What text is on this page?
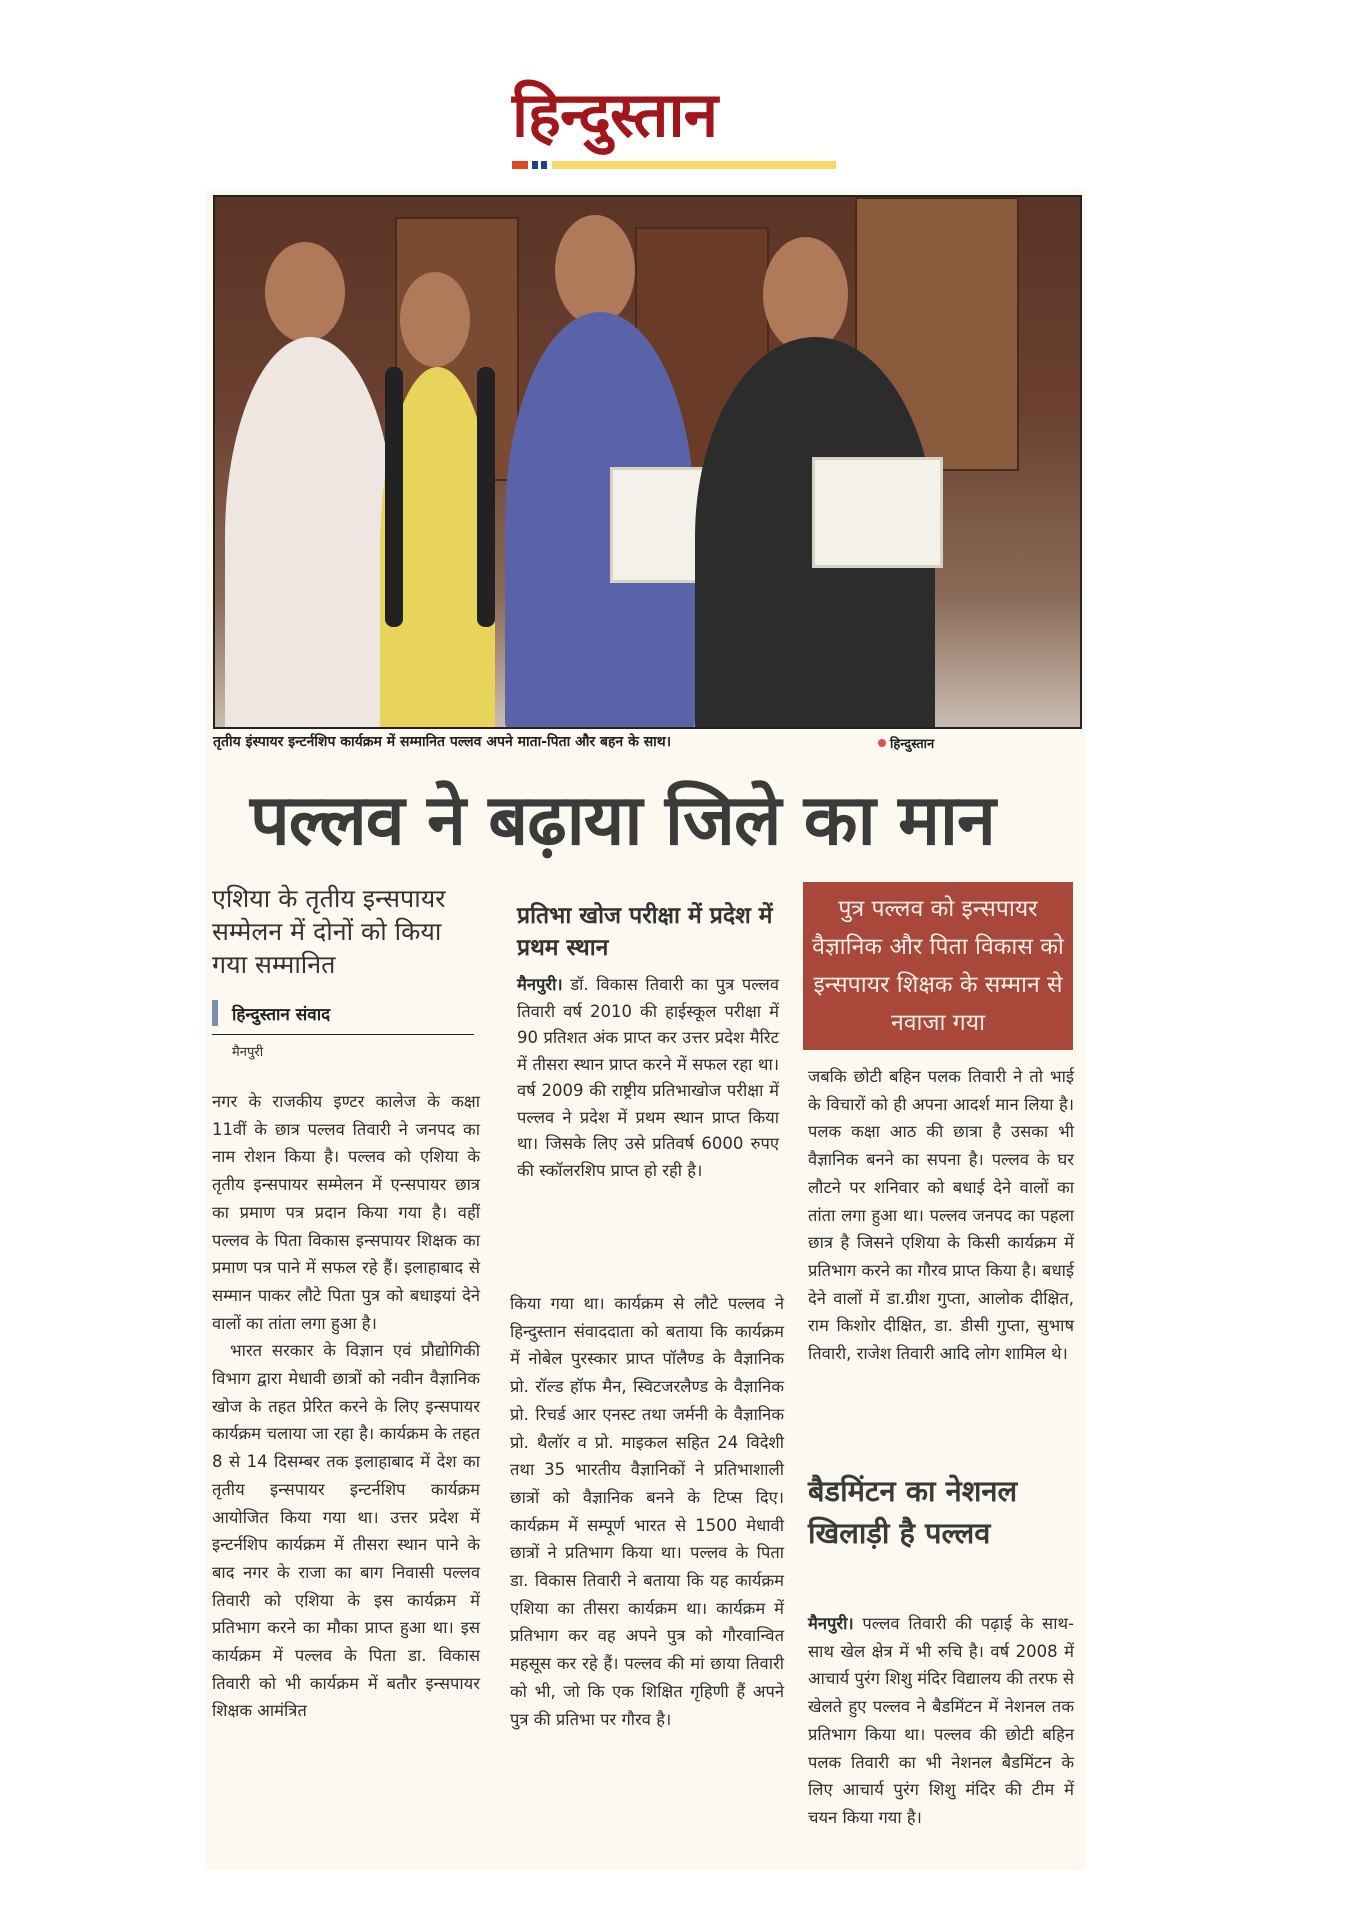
हिन्दुस्तान
तृतीय इंस्पायर इन्टर्नशिप कार्यक्रम में सम्मानित पल्लव अपने माता-पिता और बहन के साथ।	हिन्दुस्तान
पल्लव ने बढ़ाया जिले का मान
एशिया के तृतीय इन्सपायर सम्मेलन में दोनों को किया गया सम्मानित
हिन्दुस्तान संवाद
मैनपुरी

नगर के राजकीय इण्टर कालेज के कक्षा 11वीं के छात्र पल्लव तिवारी ने जनपद का नाम रोशन किया है। पल्लव को एशिया के तृतीय इन्सपायर सम्मेलन में एन्सपायर छात्र का प्रमाण पत्र प्रदान किया गया है। वहीं पल्लव के पिता विकास इन्सपायर शिक्षक का प्रमाण पत्र पाने में सफल रहे हैं। इलाहाबाद से सम्मान पाकर लौटे पिता पुत्र को बधाइयां देने वालों का तांता लगा हुआ है।

भारत सरकार के विज्ञान एवं प्रौद्योगिकी विभाग द्वारा मेधावी छात्रों को नवीन वैज्ञानिक खोज के तहत प्रेरित करने के लिए इन्सपायर कार्यक्रम चलाया जा रहा है। कार्यक्रम के तहत 8 से 14 दिसम्बर तक इलाहाबाद में देश का तृतीय इन्सपायर इन्टर्नशिप कार्यक्रम आयोजित किया गया था। उत्तर प्रदेश में इन्टर्नशिप कार्यक्रम में तीसरा स्थान पाने के बाद नगर के राजा का बाग निवासी पल्लव तिवारी को एशिया के इस कार्यक्रम में प्रतिभाग करने का मौका प्राप्त हुआ था। इस कार्यक्रम में पल्लव के पिता डा. विकास तिवारी को भी कार्यक्रम में बतौर इन्सपायर शिक्षक आमंत्रित

प्रतिभा खोज परीक्षा में प्रदेश में प्रथम स्थान

मैनपुरी। डॉ. विकास तिवारी का पुत्र पल्लव तिवारी वर्ष 2010 की हाईस्कूल परीक्षा में 90 प्रतिशत अंक प्राप्त कर उत्तर प्रदेश मैरिट में तीसरा स्थान प्राप्त करने में सफल रहा था। वर्ष 2009 की राष्ट्रीय प्रतिभाखोज परीक्षा में पल्लव ने प्रदेश में प्रथम स्थान प्राप्त किया था। जिसके लिए उसे प्रतिवर्ष 6000 रुपए की स्कॉलरशिप प्राप्त हो रही है।

किया गया था। कार्यक्रम से लौटे पल्लव ने हिन्दुस्तान संवाददाता को बताया कि कार्यक्रम में नोबेल पुरस्कार प्राप्त पॉलैण्ड के वैज्ञानिक प्रो. रॉल्ड हॉफ मैन, स्विटजरलैण्ड के वैज्ञानिक प्रो. रिचर्ड आर एनस्ट तथा जर्मनी के वैज्ञानिक प्रो. थैलॉर व प्रो. माइकल सहित 24 विदेशी तथा 35 भारतीय वैज्ञानिकों ने प्रतिभाशाली छात्रों को वैज्ञानिक बनने के टिप्स दिए। कार्यक्रम में सम्पूर्ण भारत से 1500 मेधावी छात्रों ने प्रतिभाग किया था। पल्लव के पिता डा. विकास तिवारी ने बताया कि यह कार्यक्रम एशिया का तीसरा कार्यक्रम था। कार्यक्रम में प्रतिभाग कर वह अपने पुत्र को गौरवान्वित महसूस कर रहे हैं। पल्लव की मां छाया तिवारी को भी, जो कि एक शिक्षित गृहिणी हैं अपने पुत्र की प्रतिभा पर गौरव है।

पुत्र पल्लव को इन्सपायर वैज्ञानिक और पिता विकास को इन्सपायर शिक्षक के सम्मान से नवाजा गया

जबकि छोटी बहिन पलक तिवारी ने तो भाई के विचारों को ही अपना आदर्श मान लिया है। पलक कक्षा आठ की छात्रा है उसका भी वैज्ञानिक बनने का सपना है। पल्लव के घर लौटने पर शनिवार को बधाई देने वालों का तांता लगा हुआ था। पल्लव जनपद का पहला छात्र है जिसने एशिया के किसी कार्यक्रम में प्रतिभाग करने का गौरव प्राप्त किया है। बधाई देने वालों में डा.ग्रीश गुप्ता, आलोक दीक्षित, राम किशोर दीक्षित, डा. डीसी गुप्ता, सुभाष तिवारी, राजेश तिवारी आदि लोग शामिल थे।

बैडमिंटन का नेशनल खिलाड़ी है पल्लव

मैनपुरी। पल्लव तिवारी की पढ़ाई के साथ-साथ खेल क्षेत्र में भी रुचि है। वर्ष 2008 में आचार्य पुरंग शिशु मंदिर विद्यालय की तरफ से खेलते हुए पल्लव ने बैडमिंटन में नेशनल तक प्रतिभाग किया था। पल्लव की छोटी बहिन पलक तिवारी का भी नेशनल बैडमिंटन के लिए आचार्य पुरंग शिशु मंदिर की टीम में चयन किया गया है।
